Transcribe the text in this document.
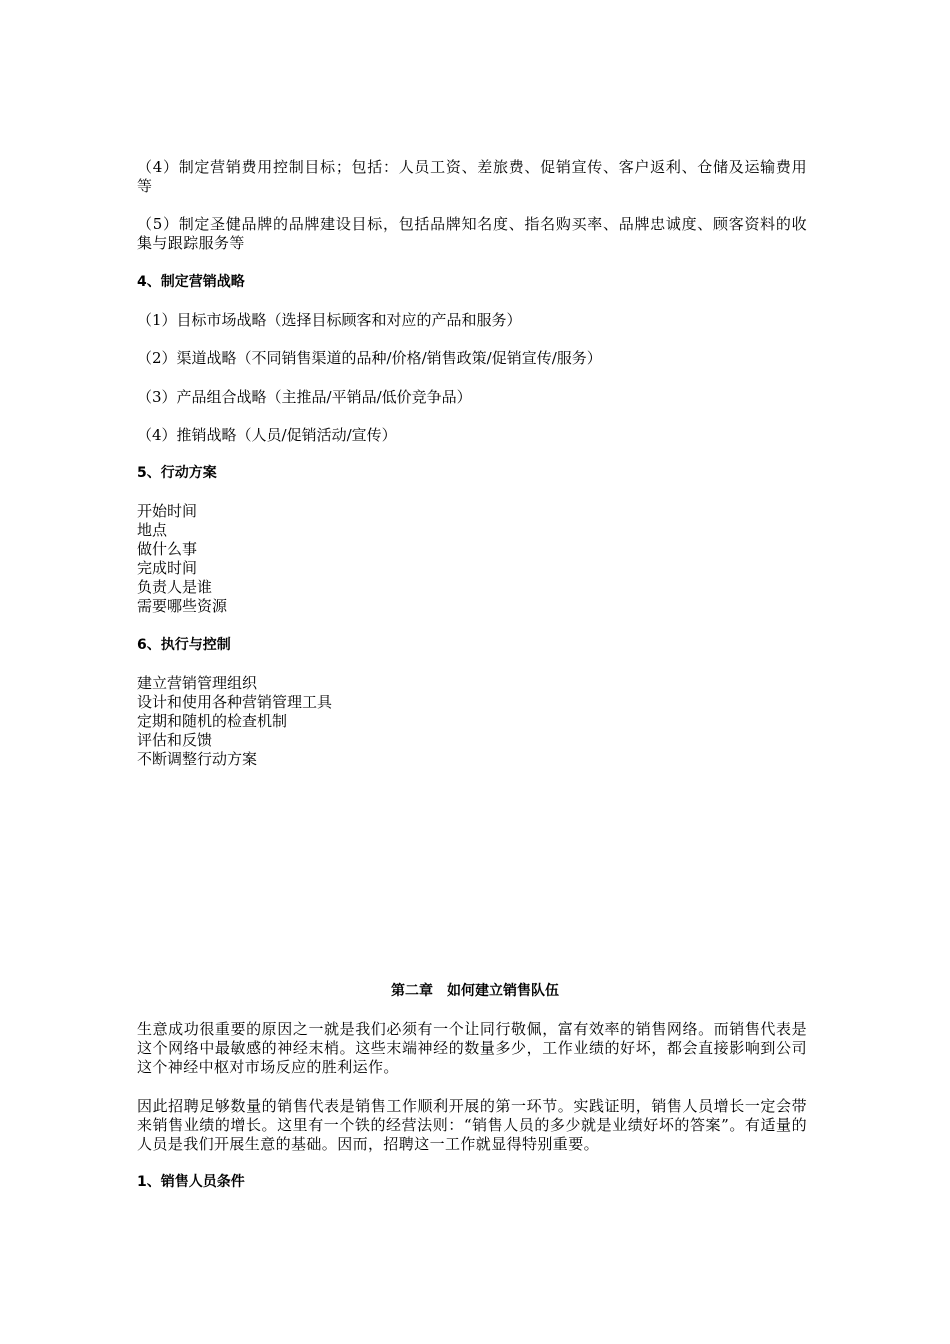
（4）制定营销费用控制目标；包括：人员工资、差旅费、促销宣传、客户返利、仓储及运输费用等

（5）制定圣健品牌的品牌建设目标，包括品牌知名度、指名购买率、品牌忠诚度、顾客资料的收集与跟踪服务等

4、制定营销战略
（1）目标市场战略（选择目标顾客和对应的产品和服务）
（2）渠道战略（不同销售渠道的品种/价格/销售政策/促销宣传/服务）
（3）产品组合战略（主推品/平销品/低价竞争品）
（4）推销战略（人员/促销活动/宣传）
5、行动方案
开始时间
地点
做什么事
完成时间
负责人是谁
需要哪些资源
6、执行与控制
建立营销管理组织
设计和使用各种营销管理工具
定期和随机的检查机制
评估和反馈
不断调整行动方案
第二章　如何建立销售队伍

生意成功很重要的原因之一就是我们必须有一个让同行敬佩，富有效率的销售网络。而销售代表是这个网络中最敏感的神经末梢。这些末端神经的数量多少，工作业绩的好坏，都会直接影响到公司这个神经中枢对市场反应的胜利运作。

因此招聘足够数量的销售代表是销售工作顺利开展的第一环节。实践证明，销售人员增长一定会带来销售业绩的增长。这里有一个铁的经营法则：“销售人员的多少就是业绩好坏的答案”。有适量的人员是我们开展生意的基础。因而，招聘这一工作就显得特别重要。

1、销售人员条件
